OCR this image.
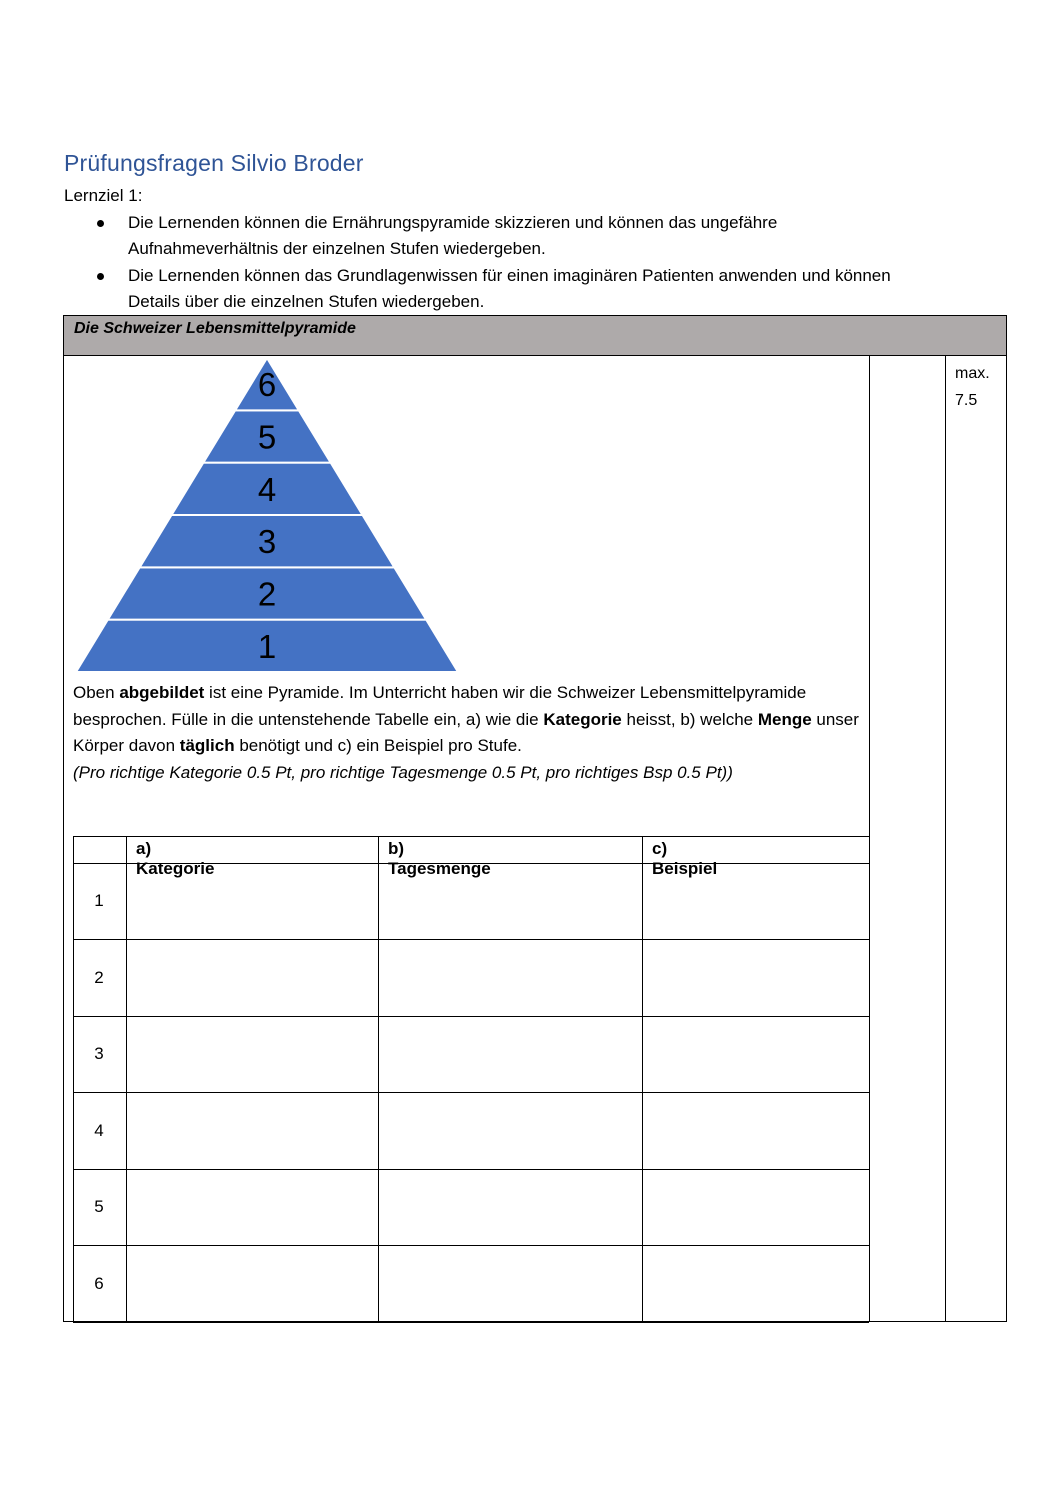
Prüfungsfragen Silvio Broder
Lernziel 1:
Die Lernenden können die Ernährungspyramide skizzieren und können das ungefähre
Aufnahmeverhältnis der einzelnen Stufen wiedergeben.
Die Lernenden können das Grundlagenwissen für einen imaginären Patienten anwenden und können
Details über die einzelnen Stufen wiedergeben.
Die Schweizer Lebensmittelpyramide
max.
7.5
1
2
3
4
5
6
Oben abgebildet ist eine Pyramide. Im Unterricht haben wir die Schweizer Lebensmittelpyramide besprochen. Fülle in die untenstehende Tabelle ein, a) wie die Kategorie heisst, b) welche Menge unser Körper davon täglich benötigt und c) ein Beispiel pro Stufe.
(Pro richtige Kategorie 0.5 Pt, pro richtige Tagesmenge 0.5 Pt, pro richtiges Bsp 0.5 Pt))
a) Kategorie
b) Tagesmenge
c) Beispiel
1
2
3
4
5
6
